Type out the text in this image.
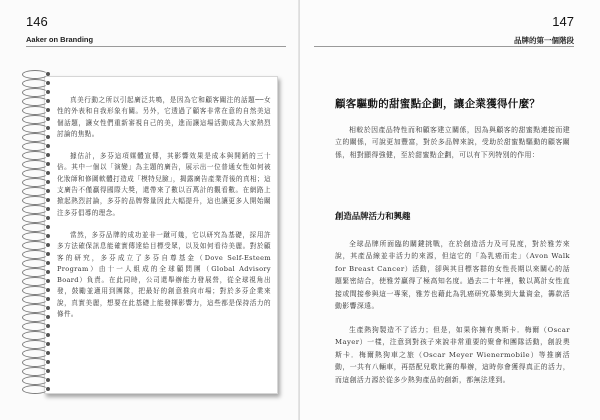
146
Aaker on Branding

真美行動之所以引起廣泛共鳴，是因為它和顧客關注的話題──女性的外表和自我形象有關。另外，它透過了顧客非常在意的自然美這個話題，讓女性們重新審視自己的美，進而讓這場活動成為大家熱烈討論的焦點。

據估計，多芬這項媒體宣傳，其影響效果是成本與開銷的三十倍。其中一個以「演變」為主題的廣告，展示出一位普通女性如何被化妝師和修圖軟體打造成「模特兒臉」，揭露廣告產業背後的真相；這支廣告不僅贏得國際大獎，還帶來了數以百萬計的觀看數。在網路上掀起熱烈討論，多芬的品牌聲量因此大幅提升，這也讓更多人開始關注多芬倡導的理念。

當然，多芬品牌的成功並非一蹴可幾，它以研究為基礎，採用許多方法確保訊息能確實傳達給目標受眾，以及如何看待美麗。對於顧客的研究，多芬成立了多芬自尊基金（Dove Self-Esteem Program）由十一人組成的全球顧問團（Global Advisory Board）負責。在此同時，公司還舉辦能力發展營，從全球視角出發，鼓勵並適用到團隊，把最好的創意推向市場；對於多芬企業來說，真實美麗，想要在此基礎上能發揮影響力，這些都是保持活力的條件。

147
品牌的第一個階段
顧客驅動的甜蜜點企劃，讓企業獲得什麼？

相較於因產品特性而和顧客建立關係，因為與顧客的甜蜜點連接而建立的關係，可說更加豐富，對於多品牌來說，受助於甜蜜點驅動的顧客關係，相對顯得強健，至於甜蜜點企劃，可以有下列特別的作用：

創造品牌活力和興趣

全球品牌所面臨的關鍵挑戰，在於創造活力及可見度，對於雅芳來說，其產品線並非活力的來源，但這它的「為乳癌而走」（Avon Walk for Breast Cancer）活動，卻與其目標客群的女性長期以來關心的話題緊密結合，使雅芳贏得了極高知名度。過去二十年裡，數以萬計女性直接或間接參與這一專案，雅芳也藉此為乳癌研究募集到大量資金，籌款活動影響深遠。

生產熱狗製造不了活力；但是，如果你擁有奧斯卡．梅爾（Oscar Mayer）一樣，注意到對孩子來說非常重要的聚會和團隊活動，創設奧斯卡．梅爾熱狗車之旅（Oscar Meyer Wienermobile）等推廣活動，一共有八輛車，再搭配兒歌比賽的舉辦，這時你會獲得真正的活力，而這創活力源於從多少熱狗產品的創新，都無法達到。
